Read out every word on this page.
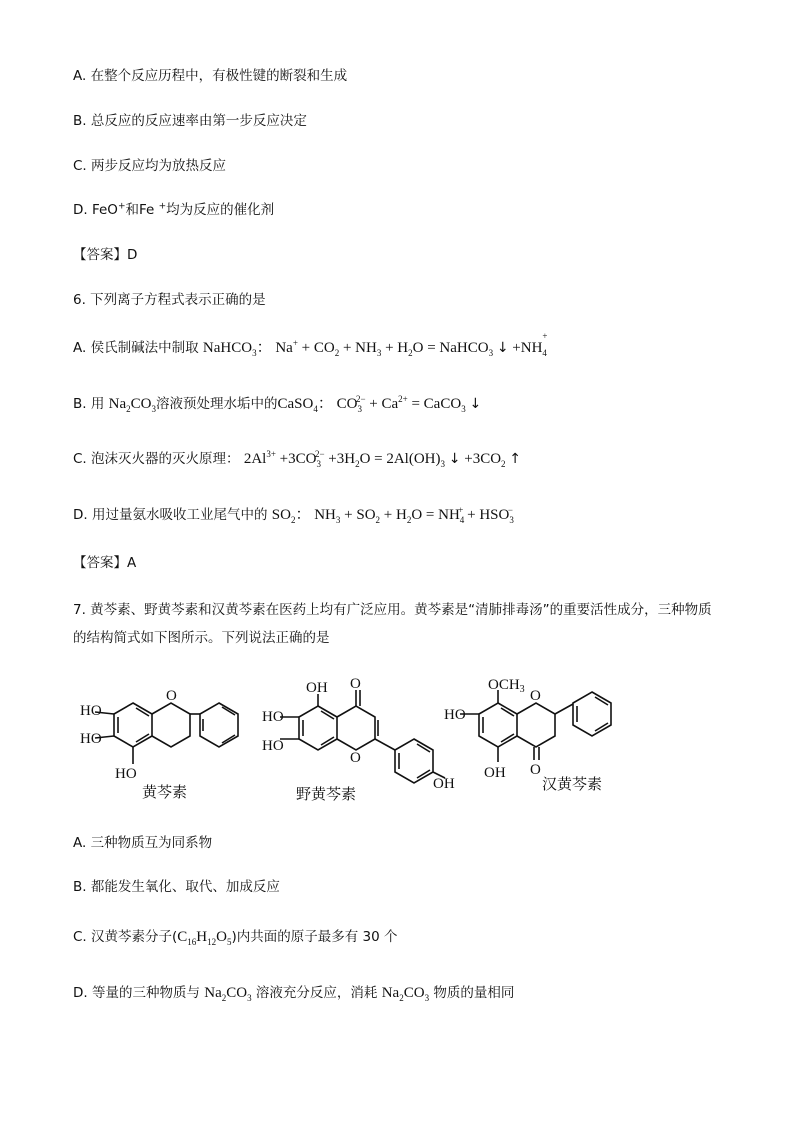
A. 在整个反应历程中，有极性键的断裂和生成
B. 总反应的反应速率由第一步反应决定
C. 两步反应均为放热反应
D. FeO+和Fe +均为反应的催化剂
【答案】D
6. 下列离子方程式表示正确的是
A. 侯氏制碱法中制取 NaHCO$_3$： $Na^+ + CO_2 + NH_3 + H_2O$ = NaHCO$_3$ ↓ +NH
$_{+ 4}$
B. 用 $Na_2CO_3$溶液预处理水垢中的CaSO$_4$： $CO_3^{2-} + Ca^{2+}$ = CaCO$_3$ ↓
C. 泡沫灭火器的灭火原理： $2Al^{3+} +3CO_3^{2-} +3H_2O = 2Al(OH)_3$ ↓ $+3CO_2$ ↑
D. 用过量氨水吸收工业尾气中的 $SO_2$： $NH_3 + SO_2 + H_2O = NH_4^+ + HSO_3^-$
【答案】A
7. 黄芩素、野黄芩素和汉黄芩素在医药上均有广泛应用。黄芩素是“清肺排毒汤”的重要活性成分，三种物质的结构简式如下图所示。下列说法正确的是
O
HO
HO
HO
黄芩素
OH O
HO
HO
O
OH
野黄芩素
$OCH_3$ O
HO
OH O
汉黄芩素
A. 三种物质互为同系物
B. 都能发生氧化、取代、加成反应
C. 汉黄芩素分子$(C_{16}H_{12}O_5)$内共面的原子最多有 30 个
D. 等量的三种物质与 $Na_2CO_3$ 溶液充分反应，消耗 $Na_2CO_3$ 物质的量相同
